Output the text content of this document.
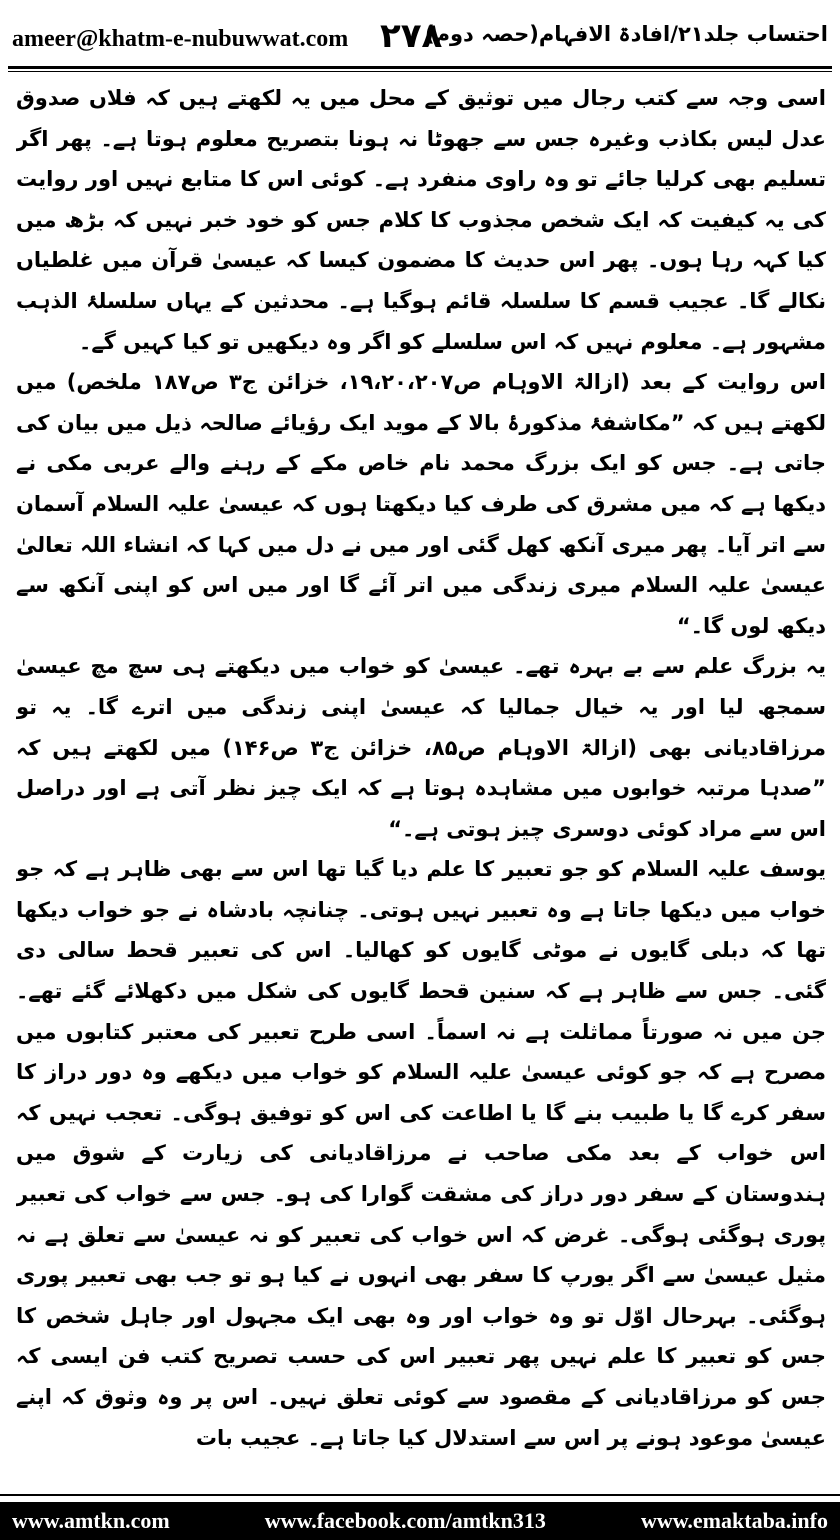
ameer@khatm-e-nubuwwat.com ۲۷۸
احتساب جلد۲۱/افادۃ الافہام(حصہ دوم)

اسی وجہ سے کتب رجال میں توثیق کے محل میں یہ لکھتے ہیں کہ فلاں صدوق عدل لیس بکاذب وغیرہ جس سے جھوٹا نہ ہونا بتصریح معلوم ہوتا ہے۔ پھر اگر تسلیم بھی کرلیا جائے تو وہ راوی منفرد ہے۔ کوئی اس کا متابع نہیں اور روایت کی یہ کیفیت کہ ایک شخص مجذوب کا کلام جس کو خود خبر نہیں کہ بڑھ میں کیا کہہ رہا ہوں۔ پھر اس حدیث کا مضمون کیسا کہ عیسیٰ قرآن میں غلطیاں نکالے گا۔ عجیب قسم کا سلسلہ قائم ہوگیا ہے۔ محدثین کے یہاں سلسلۂ الذہب مشہور ہے۔ معلوم نہیں کہ اس سلسلے کو اگر وہ دیکھیں تو کیا کہیں گے۔

اس روایت کے بعد (ازالۃ الاوہام ص۱۹،۲۰،۲۰۷، خزائن ج۳ ص۱۸۷ ملخص) میں لکھتے ہیں کہ ”مکاشفۂ مذکورۂ بالا کے موید ایک رؤیائے صالحہ ذیل میں بیان کی جاتی ہے۔ جس کو ایک بزرگ محمد نام خاص مکے کے رہنے والے عربی مکی نے دیکھا ہے کہ میں مشرق کی طرف کیا دیکھتا ہوں کہ عیسیٰ علیہ السلام آسمان سے اتر آیا۔ پھر میری آنکھ کھل گئی اور میں نے دل میں کہا کہ انشاء اللہ تعالیٰ عیسیٰ علیہ السلام میری زندگی میں اتر آئے گا اور میں اس کو اپنی آنکھ سے دیکھ لوں گا۔“

یہ بزرگ علم سے بے بہرہ تھے۔ عیسیٰ کو خواب میں دیکھتے ہی سچ مچ عیسیٰ سمجھ لیا اور یہ خیال جمالیا کہ عیسیٰ اپنی زندگی میں اترے گا۔ یہ تو مرزاقادیانی بھی (ازالۃ الاوہام ص۸۵، خزائن ج۳ ص۱۴۶) میں لکھتے ہیں کہ ”صدہا مرتبہ خوابوں میں مشاہدہ ہوتا ہے کہ ایک چیز نظر آتی ہے اور دراصل اس سے مراد کوئی دوسری چیز ہوتی ہے۔“

یوسف علیہ السلام کو جو تعبیر کا علم دیا گیا تھا اس سے بھی ظاہر ہے کہ جو خواب میں دیکھا جاتا ہے وہ تعبیر نہیں ہوتی۔ چنانچہ بادشاہ نے جو خواب دیکھا تھا کہ دبلی گایوں نے موٹی گایوں کو کھالیا۔ اس کی تعبیر قحط سالی دی گئی۔ جس سے ظاہر ہے کہ سنین قحط گایوں کی شکل میں دکھلائے گئے تھے۔ جن میں نہ صورتاً مماثلت ہے نہ اسماً۔ اسی طرح تعبیر کی معتبر کتابوں میں مصرح ہے کہ جو کوئی عیسیٰ علیہ السلام کو خواب میں دیکھے وہ دور دراز کا سفر کرے گا یا طبیب بنے گا یا اطاعت کی اس کو توفیق ہوگی۔ تعجب نہیں کہ اس خواب کے بعد مکی صاحب نے مرزاقادیانی کی زیارت کے شوق میں ہندوستان کے سفر دور دراز کی مشقت گوارا کی ہو۔ جس سے خواب کی تعبیر پوری ہوگئی ہوگی۔ غرض کہ اس خواب کی تعبیر کو نہ عیسیٰ سے تعلق ہے نہ مثیل عیسیٰ سے اگر یورپ کا سفر بھی انہوں نے کیا ہو تو جب بھی تعبیر پوری ہوگئی۔ بہرحال اوّل تو وہ خواب اور وہ بھی ایک مجہول اور جاہل شخص کا جس کو تعبیر کا علم نہیں پھر تعبیر اس کی حسب تصریح کتب فن ایسی کہ جس کو مرزاقادیانی کے مقصود سے کوئی تعلق نہیں۔ اس پر وہ وثوق کہ اپنے عیسیٰ موعود ہونے پر اس سے استدلال کیا جاتا ہے۔ عجیب بات

www.amtkn.com	www.facebook.com/amtkn313	www.emaktaba.info
